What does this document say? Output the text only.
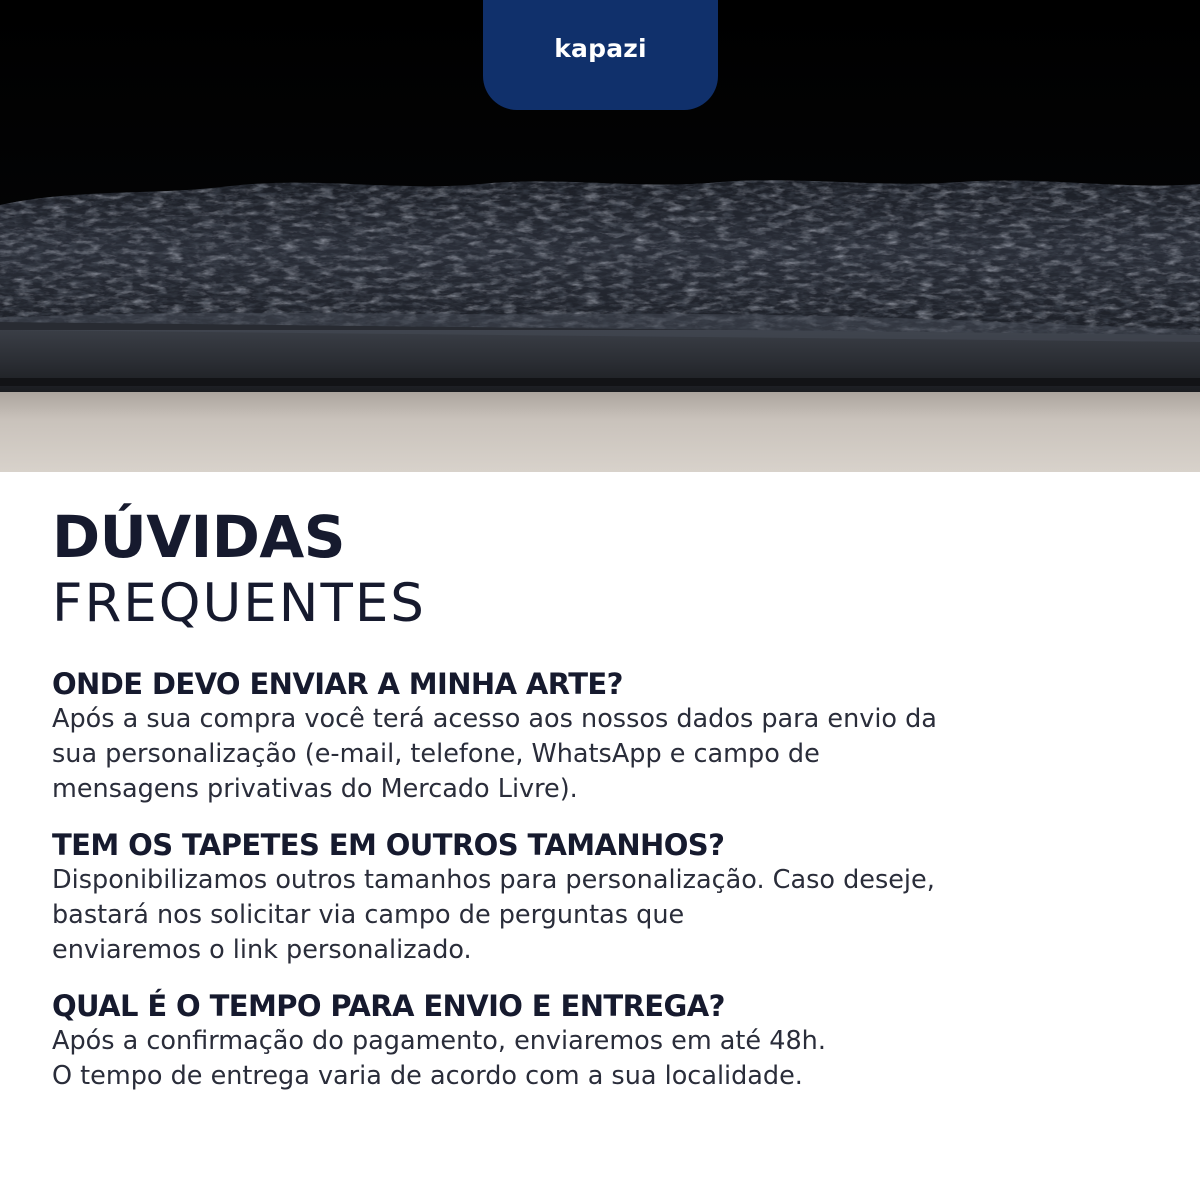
kapazi
DÚVIDAS
FREQUENTES

ONDE DEVO ENVIAR A MINHA ARTE?

Após a sua compra você terá acesso aos nossos dados para envio da
sua personalização (e-mail, telefone, WhatsApp e campo de
mensagens privativas do Mercado Livre).

TEM OS TAPETES EM OUTROS TAMANHOS?

Disponibilizamos outros tamanhos para personalização. Caso deseje,
bastará nos solicitar via campo de perguntas que
enviaremos o link personalizado.

QUAL É O TEMPO PARA ENVIO E ENTREGA?

Após a confirmação do pagamento, enviaremos em até 48h.
O tempo de entrega varia de acordo com a sua localidade.
